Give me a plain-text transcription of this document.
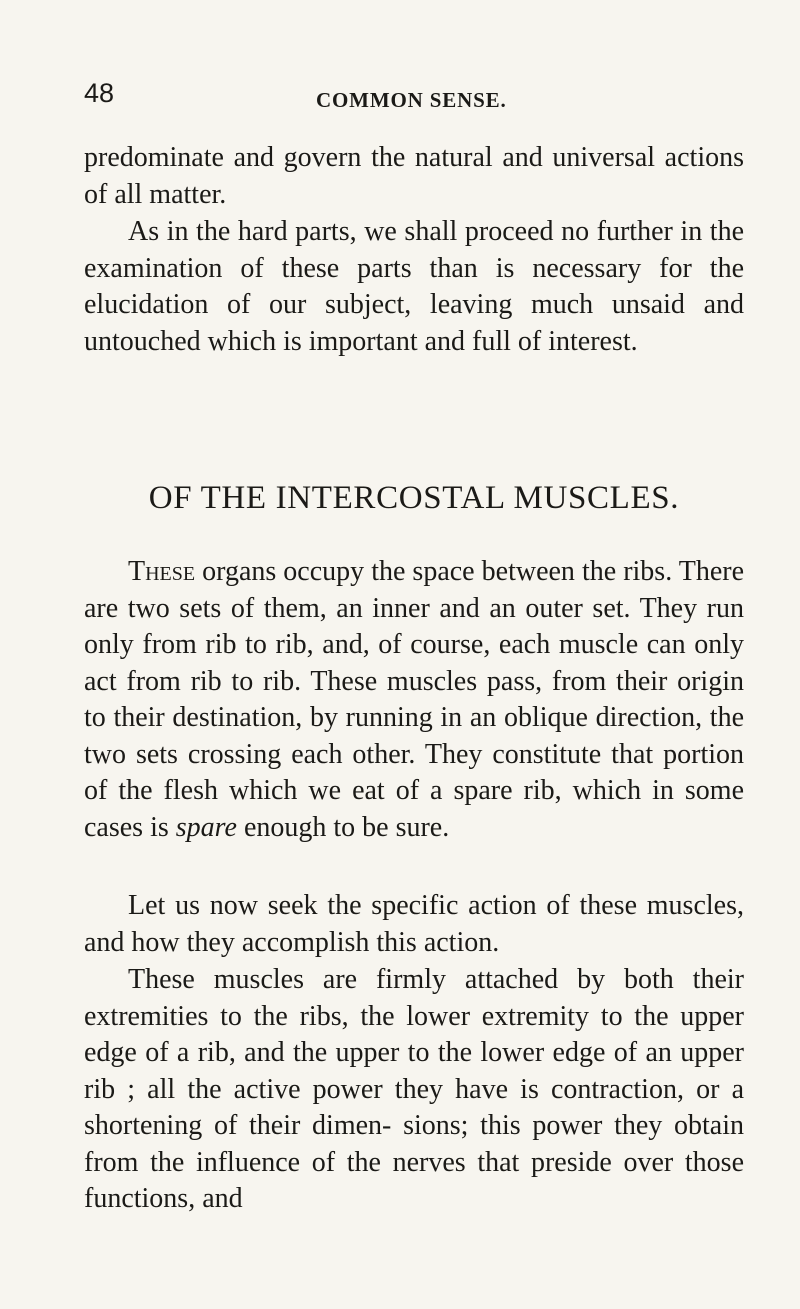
48	COMMON SENSE.

predominate and govern the natural and universal actions of all matter.

As in the hard parts, we shall proceed no further in the examination of these parts than is necessary for the elucidation of our subject, leaving much unsaid and untouched which is important and full of interest.

OF THE INTERCOSTAL MUSCLES.

These organs occupy the space between the ribs. There are two sets of them, an inner and an outer set. They run only from rib to rib, and, of course, each muscle can only act from rib to rib. These muscles pass, from their origin to their destination, by running in an oblique direction, the two sets crossing each other. They constitute that portion of the flesh which we eat of a spare rib, which in some cases is spare enough to be sure.

Let us now seek the specific action of these muscles, and how they accomplish this action.

These muscles are firmly attached by both their extremities to the ribs, the lower extremity to the upper edge of a rib, and the upper to the lower edge of an upper rib ; all the active power they have is contraction, or a shortening of their dimen- sions; this power they obtain from the influence of the nerves that preside over those functions, and
